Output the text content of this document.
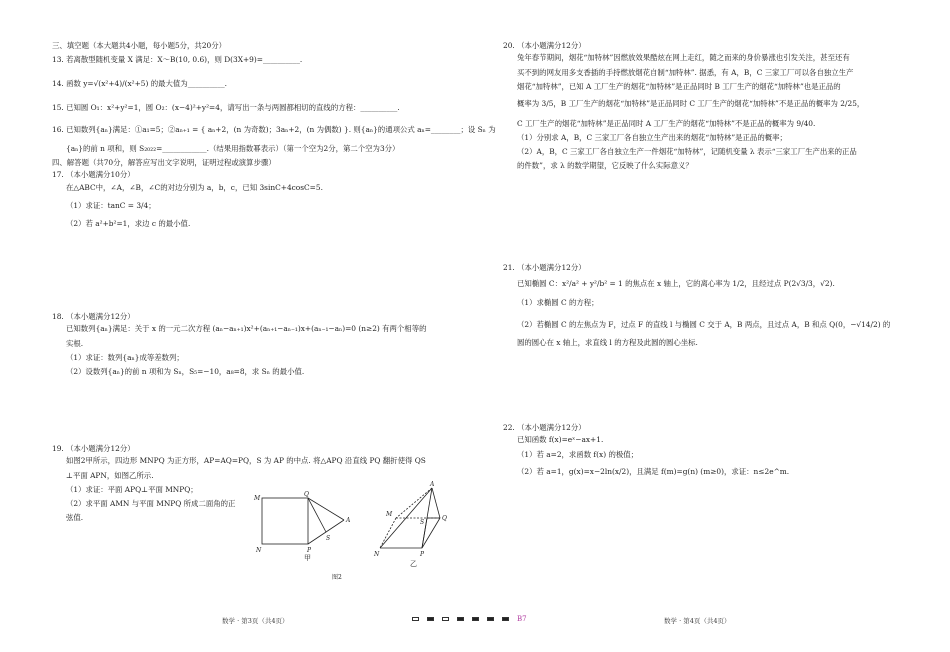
三、填空题（本大题共4小题，每小题5分，共20分）
13. 若离散型随机变量 X 满足：X～B(10, 0.6)，则 D(3X+9)=__________.
14. 函数 y=√(x²+4)/(x²+5) 的最大值为__________.
15. 已知圆 O₁：x²+y²=1，圆 O₂：(x−4)²+y²=4，请写出一条与两圆都相切的直线的方程：__________.
16. 已知数列{aₙ}满足：①a₁=5；②aₙ₊₁ = { aₙ+2，(n 为奇数)；3aₙ+2，(n 为偶数) }. 则{aₙ}的通项公式 aₙ=________；设 Sₙ 为
{aₙ}的前 n 项和，则 S₂₀₂₂=____________.（结果用指数幂表示）（第一个空为2分，第二个空为3分）
四、解答题（共70分，解答应写出文字说明，证明过程或演算步骤）
17. （本小题满分10分）
在△ABC中，∠A，∠B，∠C的对边分别为 a，b，c，已知 3sinC+4cosC=5.
（1）求证：tanC = 3/4；
（2）若 a²+b²=1，求边 c 的最小值.
18. （本小题满分12分）
已知数列{aₙ}满足：关于 x 的一元二次方程 (aₙ−aₙ₊₁)x²+(aₙ₊₁−aₙ₋₁)x+(aₙ₋₁−aₙ)=0 (n≥2) 有两个相等的
实根.
（1）求证：数列{aₙ}成等差数列；
（2）设数列{aₙ}的前 n 项和为 Sₙ，S₅=−10，a₈=8，求 Sₙ 的最小值.
19. （本小题满分12分）
如图2甲所示，四边形 MNPQ 为正方形，AP=AQ=PQ，S 为 AP 的中点. 将△APQ 沿直线 PQ 翻折使得 QS
⊥平面 APN，如图乙所示.
（1）求证：平面 APQ⊥平面 MNPQ；
（2）求平面 AMN 与平面 MNPQ 所成二面角的正
弦值.
M
Q
A
S
N	P
甲
A
M
Q
S
N	P
乙
图2
20. （本小题满分12分）
兔年春节期间，烟花“加特林”因燃放效果酷炫在网上走红，随之而来的身价暴涨也引发关注，甚至还有
买不到的网友用多支香插的手持燃放烟花自制“加特林”. 据悉，有 A，B，C 三家工厂可以各自独立生产
烟花“加特林”，已知 A 工厂生产的烟花“加特林”是正品同时 B 工厂生产的烟花“加特林”也是正品的
概率为 3/5，B 工厂生产的烟花“加特林”是正品同时 C 工厂生产的烟花“加特林”不是正品的概率为 2/25，
C 工厂生产的烟花“加特林”是正品同时 A 工厂生产的烟花“加特林”不是正品的概率为 9/40.
（1）分别求 A，B，C 三家工厂各自独立生产出来的烟花“加特林”是正品的概率；
（2）A，B，C 三家工厂各自独立生产一件烟花“加特林”，记随机变量 λ 表示“三家工厂生产出来的正品
的件数”，求 λ 的数学期望，它反映了什么实际意义？
21. （本小题满分12分）
已知椭圆 C：x²/a² + y²/b² = 1 的焦点在 x 轴上，它的离心率为 1/2，且经过点 P(2√3/3，√2).
（1）求椭圆 C 的方程；
（2）若椭圆 C 的左焦点为 F，过点 F 的直线 l 与椭圆 C 交于 A，B 两点，且过点 A，B 和点 Q(0，−√14/2) 的
圆的圆心在 x 轴上，求直线 l 的方程及此圆的圆心坐标.
22. （本小题满分12分）
已知函数 f(x)=eˣ−ax+1.
（1）若 a=2，求函数 f(x) 的极值；
（2）若 a=1，g(x)=x−2ln(x/2)，且满足 f(m)=g(n) (m≥0)，求证：n≤2e^m.
数学 · 第3页（共4页）	B7	数学 · 第4页（共4页）
